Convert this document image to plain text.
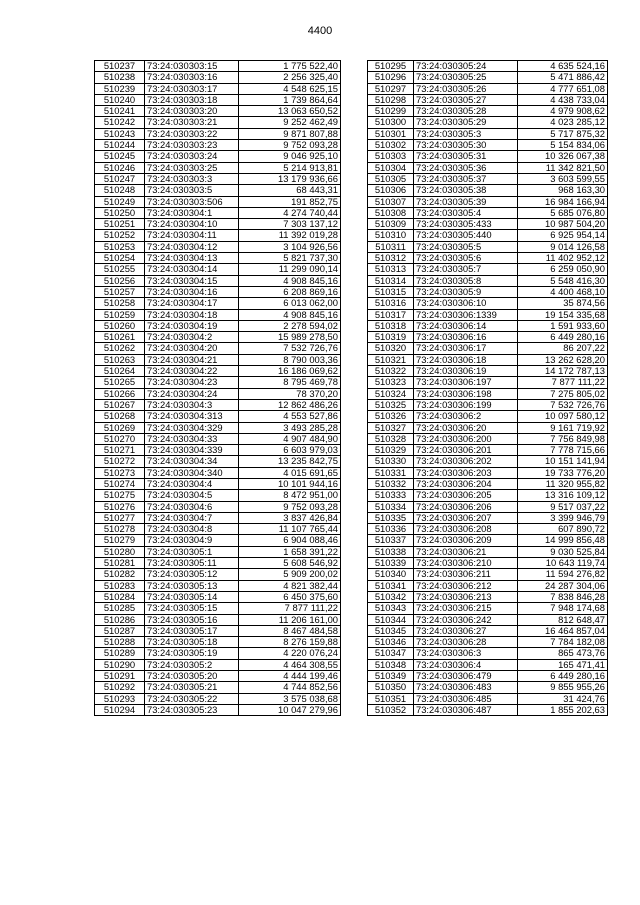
4400
510237	73:24:030303:15	1 775 522,40
510238	73:24:030303:16	2 256 325,40
510239	73:24:030303:17	4 548 625,15
510240	73:24:030303:18	1 739 864,64
510241	73:24:030303:20	13 063 650,52
510242	73:24:030303:21	9 252 462,49
510243	73:24:030303:22	9 871 807,88
510244	73:24:030303:23	9 752 093,28
510245	73:24:030303:24	9 046 925,10
510246	73:24:030303:25	5 214 913,81
510247	73:24:030303:3	13 179 936,66
510248	73:24:030303:5	68 443,31
510249	73:24:030303:506	191 852,75
510250	73:24:030304:1	4 274 740,44
510251	73:24:030304:10	7 303 137,12
510252	73:24:030304:11	11 392 019,28
510253	73:24:030304:12	3 104 926,56
510254	73:24:030304:13	5 821 737,30
510255	73:24:030304:14	11 299 090,14
510256	73:24:030304:15	4 908 845,16
510257	73:24:030304:16	6 208 869,16
510258	73:24:030304:17	6 013 062,00
510259	73:24:030304:18	4 908 845,16
510260	73:24:030304:19	2 278 594,02
510261	73:24:030304:2	15 989 278,50
510262	73:24:030304:20	7 532 726,76
510263	73:24:030304:21	8 790 003,36
510264	73:24:030304:22	16 186 069,62
510265	73:24:030304:23	8 795 469,78
510266	73:24:030304:24	78 370,20
510267	73:24:030304:3	12 862 486,26
510268	73:24:030304:313	4 553 527,86
510269	73:24:030304:329	3 493 285,28
510270	73:24:030304:33	4 907 484,90
510271	73:24:030304:339	6 603 979,03
510272	73:24:030304:34	13 235 842,75
510273	73:24:030304:340	4 015 691,65
510274	73:24:030304:4	10 101 944,16
510275	73:24:030304:5	8 472 951,00
510276	73:24:030304:6	9 752 093,28
510277	73:24:030304:7	3 837 426,84
510278	73:24:030304:8	11 107 765,44
510279	73:24:030304:9	6 904 088,46
510280	73:24:030305:1	1 658 391,22
510281	73:24:030305:11	5 608 546,92
510282	73:24:030305:12	5 909 200,02
510283	73:24:030305:13	4 821 382,44
510284	73:24:030305:14	6 450 375,60
510285	73:24:030305:15	7 877 111,22
510286	73:24:030305:16	11 206 161,00
510287	73:24:030305:17	8 467 484,58
510288	73:24:030305:18	8 276 159,88
510289	73:24:030305:19	4 220 076,24
510290	73:24:030305:2	4 464 308,55
510291	73:24:030305:20	4 444 199,46
510292	73:24:030305:21	4 744 852,56
510293	73:24:030305:22	3 575 038,68
510294	73:24:030305:23	10 047 279,96
510295	73:24:030305:24	4 635 524,16
510296	73:24:030305:25	5 471 886,42
510297	73:24:030305:26	4 777 651,08
510298	73:24:030305:27	4 438 733,04
510299	73:24:030305:28	4 979 908,62
510300	73:24:030305:29	4 023 285,12
510301	73:24:030305:3	5 717 875,32
510302	73:24:030305:30	5 154 834,06
510303	73:24:030305:31	10 326 067,38
510304	73:24:030305:36	11 342 821,50
510305	73:24:030305:37	3 603 599,55
510306	73:24:030305:38	968 163,30
510307	73:24:030305:39	16 984 166,94
510308	73:24:030305:4	5 685 076,80
510309	73:24:030305:433	10 987 504,20
510310	73:24:030305:440	6 925 954,14
510311	73:24:030305:5	9 014 126,58
510312	73:24:030305:6	11 402 952,12
510313	73:24:030305:7	6 259 050,90
510314	73:24:030305:8	5 548 416,30
510315	73:24:030305:9	4 400 468,10
510316	73:24:030306:10	35 874,56
510317	73:24:030306:1339	19 154 335,68
510318	73:24:030306:14	1 591 933,60
510319	73:24:030306:16	6 449 280,16
510320	73:24:030306:17	86 207,22
510321	73:24:030306:18	13 262 628,20
510322	73:24:030306:19	14 172 787,13
510323	73:24:030306:197	7 877 111,22
510324	73:24:030306:198	7 275 805,02
510325	73:24:030306:199	7 532 726,76
510326	73:24:030306:2	10 097 580,12
510327	73:24:030306:20	9 161 719,92
510328	73:24:030306:200	7 756 849,98
510329	73:24:030306:201	7 778 715,66
510330	73:24:030306:202	10 151 141,94
510331	73:24:030306:203	19 733 776,20
510332	73:24:030306:204	11 320 955,82
510333	73:24:030306:205	13 316 109,12
510334	73:24:030306:206	9 517 037,22
510335	73:24:030306:207	3 399 946,79
510336	73:24:030306:208	607 890,72
510337	73:24:030306:209	14 999 856,48
510338	73:24:030306:21	9 030 525,84
510339	73:24:030306:210	10 643 119,74
510340	73:24:030306:211	11 594 276,82
510341	73:24:030306:212	24 287 304,06
510342	73:24:030306:213	7 838 846,28
510343	73:24:030306:215	7 948 174,68
510344	73:24:030306:242	812 648,47
510345	73:24:030306:27	16 464 857,04
510346	73:24:030306:28	7 784 182,08
510347	73:24:030306:3	865 473,76
510348	73:24:030306:4	165 471,41
510349	73:24:030306:479	6 449 280,16
510350	73:24:030306:483	9 855 955,26
510351	73:24:030306:485	31 424,76
510352	73:24:030306:487	1 855 202,63
